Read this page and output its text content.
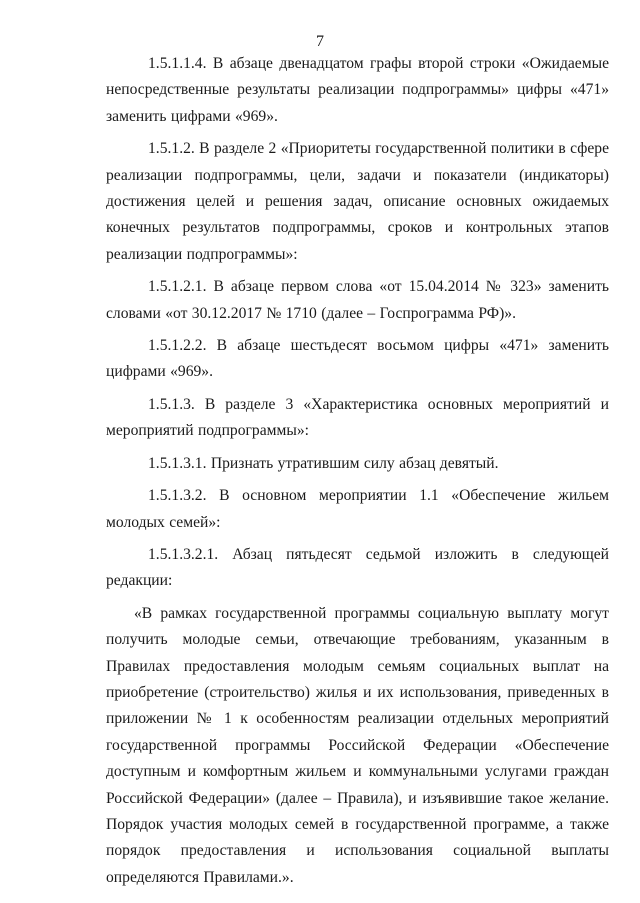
7

1.5.1.1.4. В абзаце двенадцатом графы второй строки «Ожидаемые непосредственные результаты реализации подпрограммы» цифры «471» заменить цифрами «969».

1.5.1.2. В разделе 2 «Приоритеты государственной политики в сфере реализации подпрограммы, цели, задачи и показатели (индикаторы) достижения целей и решения задач, описание основных ожидаемых конечных результатов подпрограммы, сроков и контрольных этапов реализации подпрограммы»:

1.5.1.2.1. В абзаце первом слова «от 15.04.2014 № 323» заменить словами «от 30.12.2017 № 1710 (далее – Госпрограмма РФ)».

1.5.1.2.2. В абзаце шестьдесят восьмом цифры «471» заменить цифрами «969».

1.5.1.3. В разделе 3 «Характеристика основных мероприятий и мероприятий подпрограммы»:

1.5.1.3.1. Признать утратившим силу абзац девятый.

1.5.1.3.2. В основном мероприятии 1.1 «Обеспечение жильем молодых семей»:

1.5.1.3.2.1. Абзац пятьдесят седьмой изложить в следующей редакции:

«В рамках государственной программы социальную выплату могут получить молодые семьи, отвечающие требованиям, указанным в Правилах предоставления молодым семьям социальных выплат на приобретение (строительство) жилья и их использования, приведенных в приложении № 1 к особенностям реализации отдельных мероприятий государственной программы Российской Федерации «Обеспечение доступным и комфортным жильем и коммунальными услугами граждан Российской Федерации» (далее – Правила), и изъявившие такое желание. Порядок участия молодых семей в государственной программе, а также порядок предоставления и использования социальной выплаты определяются Правилами.».
